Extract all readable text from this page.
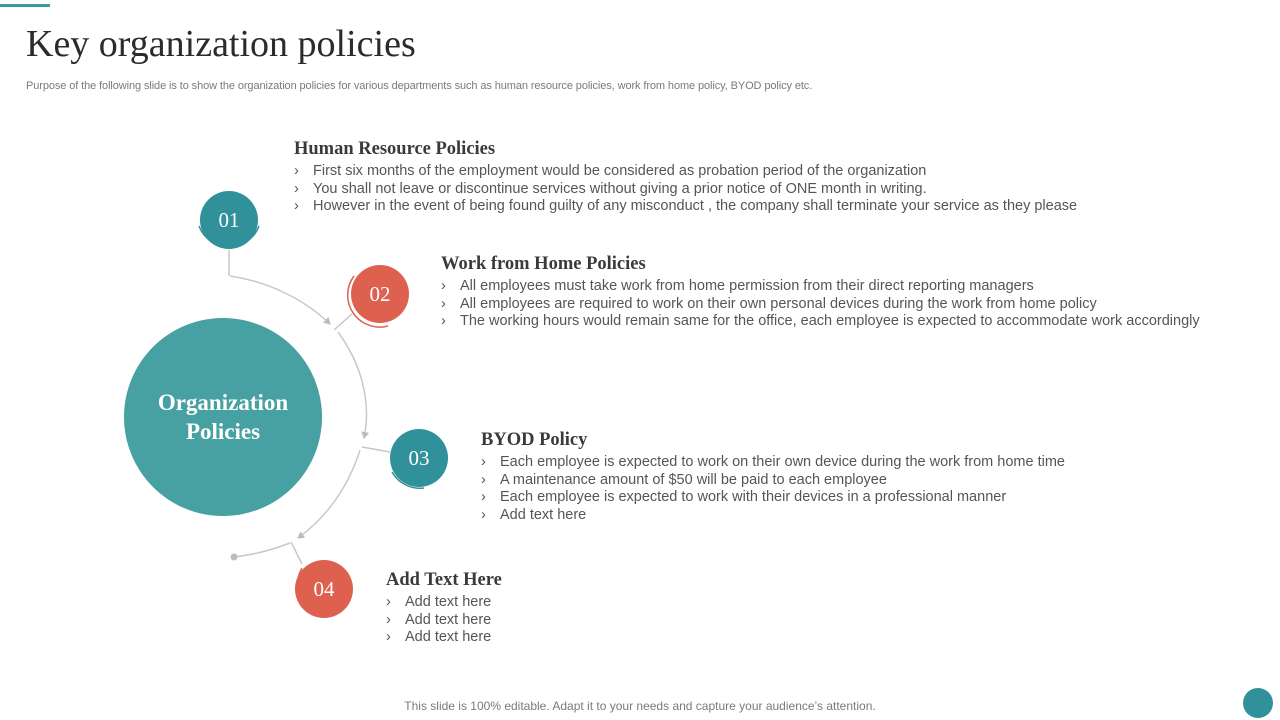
Key organization policies
Purpose of the following slide is to show the organization policies for various departments such as human resource policies, work from home policy, BYOD policy etc.
Organization
Policies
01
02
03
04
Human Resource Policies
› First six months of the employment would be considered as probation period of the organization
› You shall not leave or discontinue services without giving a prior notice of ONE month in writing.
› However in the event of being found guilty of any misconduct , the company shall terminate your service as they please
Work from Home Policies
› All employees must take work from home permission from their direct reporting managers
› All employees are required to work on their own personal devices during the work from home policy
› The working hours would remain same for the office, each employee is expected to accommodate work accordingly
BYOD Policy
› Each employee is expected to work on their own device during the work from home time
› A maintenance amount of $50 will be paid to each employee
› Each employee is expected to work with their devices in a professional manner
› Add text here
Add Text Here
› Add text here
› Add text here
› Add text here
This slide is 100% editable. Adapt it to your needs and capture your audience’s attention.
